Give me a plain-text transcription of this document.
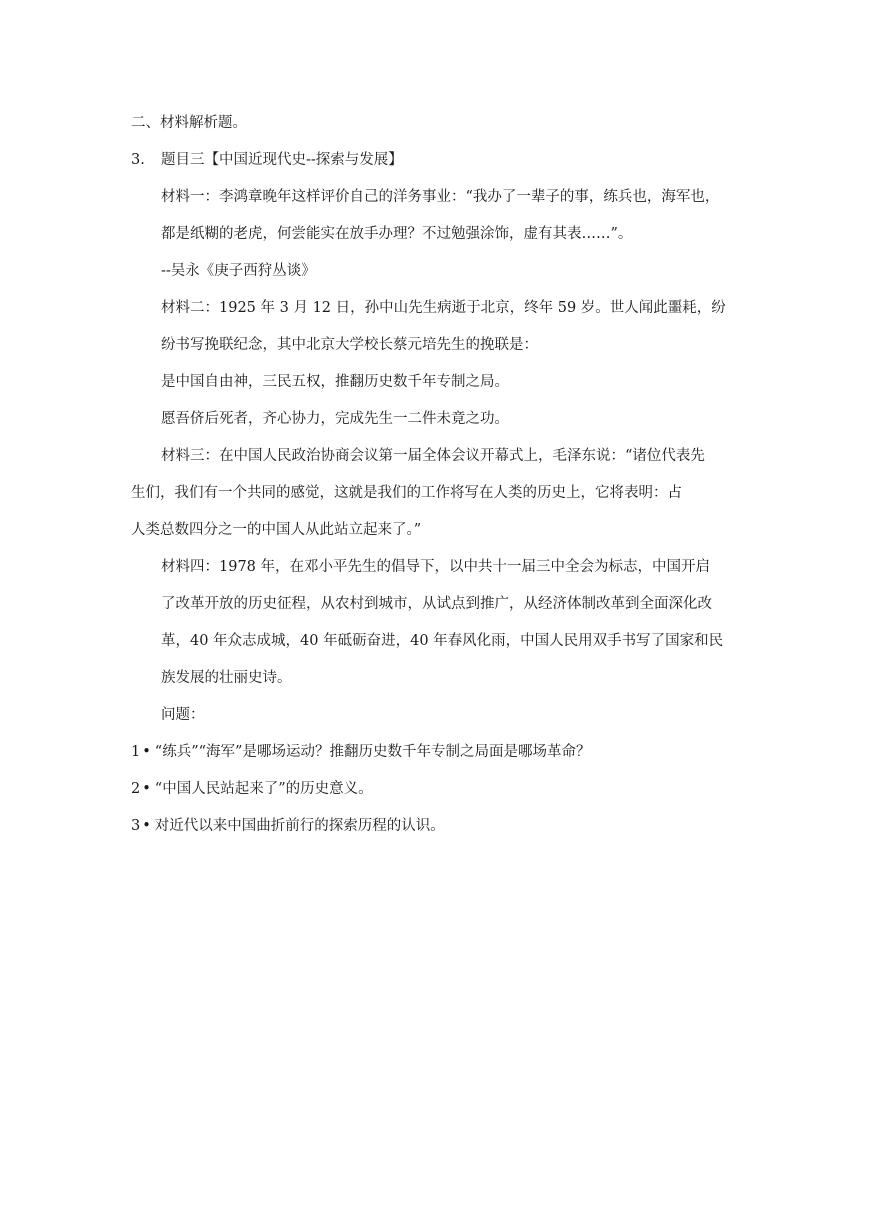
二、材料解析题。
3. 题目三【中国近现代史--探索与发展】
材料一：李鸿章晚年这样评价自己的洋务事业：“我办了一辈子的事，练兵也，海军也，
都是纸糊的老虎，何尝能实在放手办理？不过勉强涂饰，虚有其表……”。
--吴永《庚子西狩丛谈》
材料二：1925 年 3 月 12 日，孙中山先生病逝于北京，终年 59 岁。世人闻此噩耗，纷
纷书写挽联纪念，其中北京大学校长蔡元培先生的挽联是：
是中国自由神，三民五权，推翻历史数千年专制之局。
愿吾侪后死者，齐心协力，完成先生一二件未竟之功。
材料三：在中国人民政治协商会议第一届全体会议开幕式上，毛泽东说：“诸位代表先
生们，我们有一个共同的感觉，这就是我们的工作将写在人类的历史上，它将表明：占
人类总数四分之一的中国人从此站立起来了。”
材料四：1978 年，在邓小平先生的倡导下，以中共十一届三中全会为标志，中国开启
了改革开放的历史征程，从农村到城市，从试点到推广，从经济体制改革到全面深化改
革，40 年众志成城，40 年砥砺奋进，40 年春风化雨，中国人民用双手书写了国家和民
族发展的壮丽史诗。
问题：
1 • “练兵”“海军”是哪场运动？推翻历史数千年专制之局面是哪场革命？
2 • “中国人民站起来了”的历史意义。
3 • 对近代以来中国曲折前行的探索历程的认识。
